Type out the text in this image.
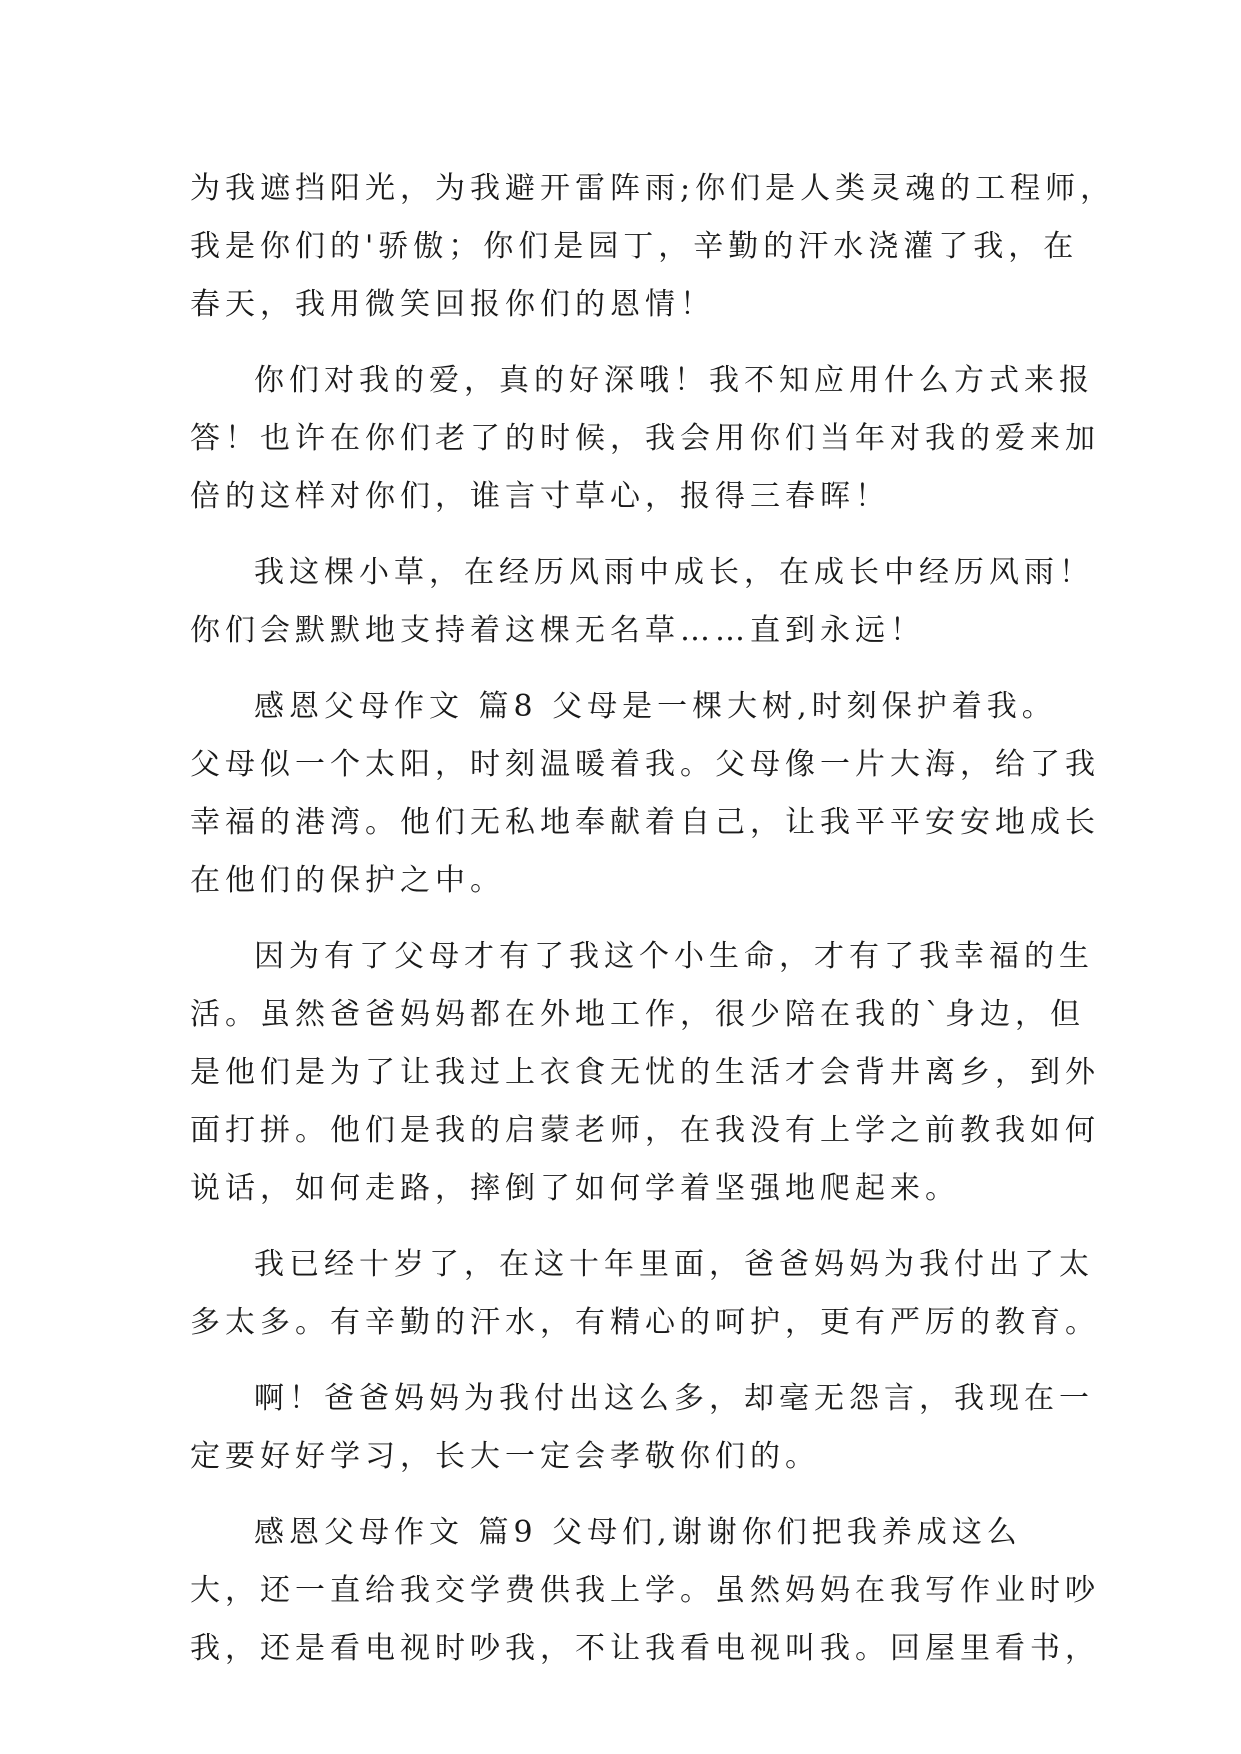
为我遮挡阳光，为我避开雷阵雨;你们是人类灵魂的工程师，
我是你们的'骄傲；你们是园丁，辛勤的汗水浇灌了我，在
春天，我用微笑回报你们的恩情！
你们对我的爱，真的好深哦！我不知应用什么方式来报
答！也许在你们老了的时候，我会用你们当年对我的爱来加
倍的这样对你们，谁言寸草心，报得三春晖！
我这棵小草，在经历风雨中成长，在成长中经历风雨！
你们会默默地支持着这棵无名草……直到永远！
感恩父母作文 篇8 父母是一棵大树,时刻保护着我。
父母似一个太阳，时刻温暖着我。父母像一片大海，给了我
幸福的港湾。他们无私地奉献着自己，让我平平安安地成长
在他们的保护之中。
因为有了父母才有了我这个小生命，才有了我幸福的生
活。虽然爸爸妈妈都在外地工作，很少陪在我的`身边，但
是他们是为了让我过上衣食无忧的生活才会背井离乡，到外
面打拼。他们是我的启蒙老师，在我没有上学之前教我如何
说话，如何走路，摔倒了如何学着坚强地爬起来。
我已经十岁了，在这十年里面，爸爸妈妈为我付出了太
多太多。有辛勤的汗水，有精心的呵护，更有严厉的教育。
啊！爸爸妈妈为我付出这么多，却毫无怨言，我现在一
定要好好学习，长大一定会孝敬你们的。
感恩父母作文 篇9 父母们,谢谢你们把我养成这么
大，还一直给我交学费供我上学。虽然妈妈在我写作业时吵
我，还是看电视时吵我，不让我看电视叫我。回屋里看书，
